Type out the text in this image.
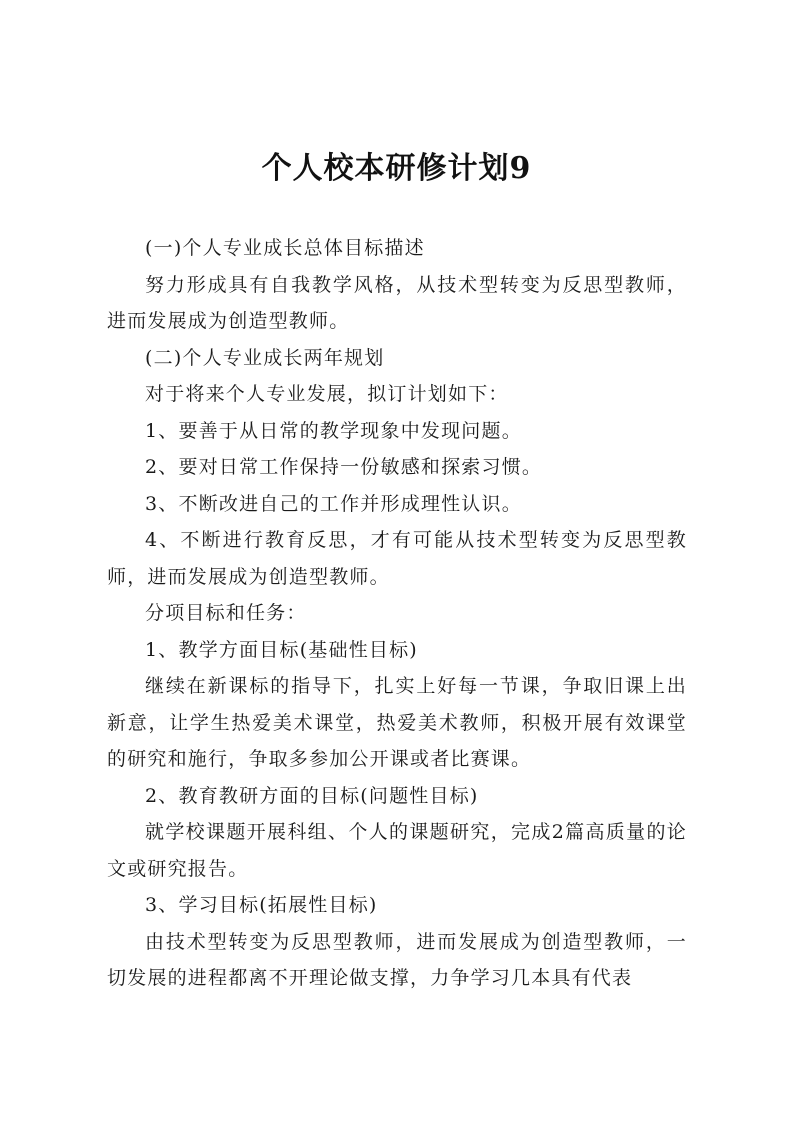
个人校本研修计划9

(一)个人专业成长总体目标描述

努力形成具有自我教学风格，从技术型转变为反思型教师，进而发展成为创造型教师。

(二)个人专业成长两年规划

对于将来个人专业发展，拟订计划如下：

1、要善于从日常的教学现象中发现问题。

2、要对日常工作保持一份敏感和探索习惯。

3、不断改进自己的工作并形成理性认识。

4、不断进行教育反思，才有可能从技术型转变为反思型教师，进而发展成为创造型教师。

分项目标和任务：

1、教学方面目标(基础性目标)

继续在新课标的指导下，扎实上好每一节课，争取旧课上出新意，让学生热爱美术课堂，热爱美术教师，积极开展有效课堂的研究和施行，争取多参加公开课或者比赛课。

2、教育教研方面的目标(问题性目标)

就学校课题开展科组、个人的课题研究，完成2篇高质量的论文或研究报告。

3、学习目标(拓展性目标)

由技术型转变为反思型教师，进而发展成为创造型教师，一切发展的进程都离不开理论做支撑，力争学习几本具有代表
